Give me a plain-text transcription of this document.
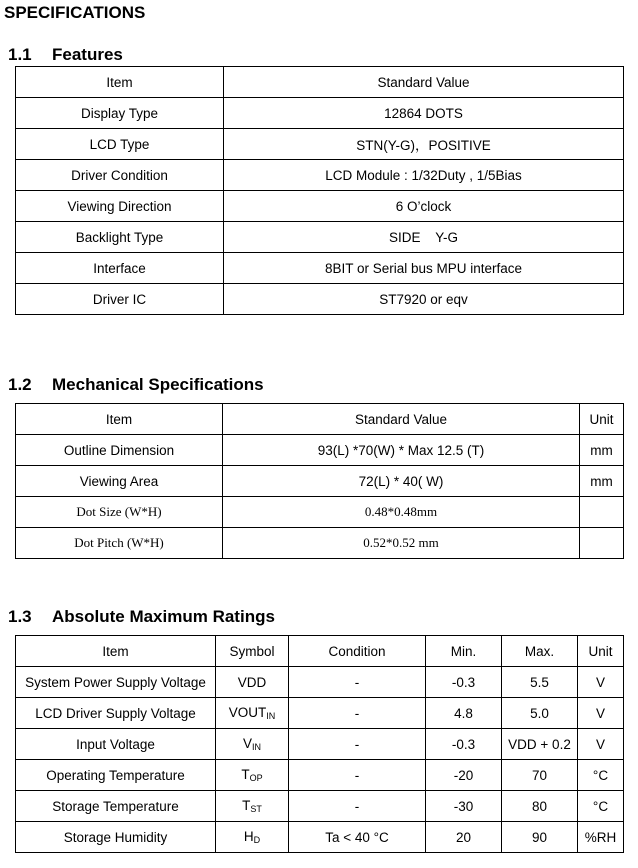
SPECIFICATIONS
1.1 Features
Item	Standard Value
Display Type	12864 DOTS
LCD Type	STN(Y-G)，POSITIVE
Driver Condition	LCD Module : 1/32Duty , 1/5Bias
Viewing Direction	6 O’clock
Backlight Type	SIDE    Y-G
Interface	8BIT or Serial bus MPU interface
Driver IC	ST7920 or eqv
1.2 Mechanical Specifications
Item	Standard Value	Unit
Outline Dimension	93(L) *70(W) * Max 12.5 (T)	mm
Viewing Area	72(L) * 40( W)	mm
Dot Size (W*H)	0.48*0.48mm	
Dot Pitch (W*H)	0.52*0.52 mm	
1.3 Absolute Maximum Ratings
Item	Symbol	Condition	Min.	Max.	Unit
System Power Supply Voltage	VDD	-	-0.3	5.5	V
LCD Driver Supply Voltage	$VOUT_{IN}$	-	4.8	5.0	V
Input Voltage	$V_{IN}$	-	-0.3	VDD + 0.2	V
Operating Temperature	$T_{OP}$	-	-20	70	°C
Storage Temperature	$T_{ST}$	-	-30	80	°C
Storage Humidity	$H_D$	Ta < 40 °C	20	90	%RH
